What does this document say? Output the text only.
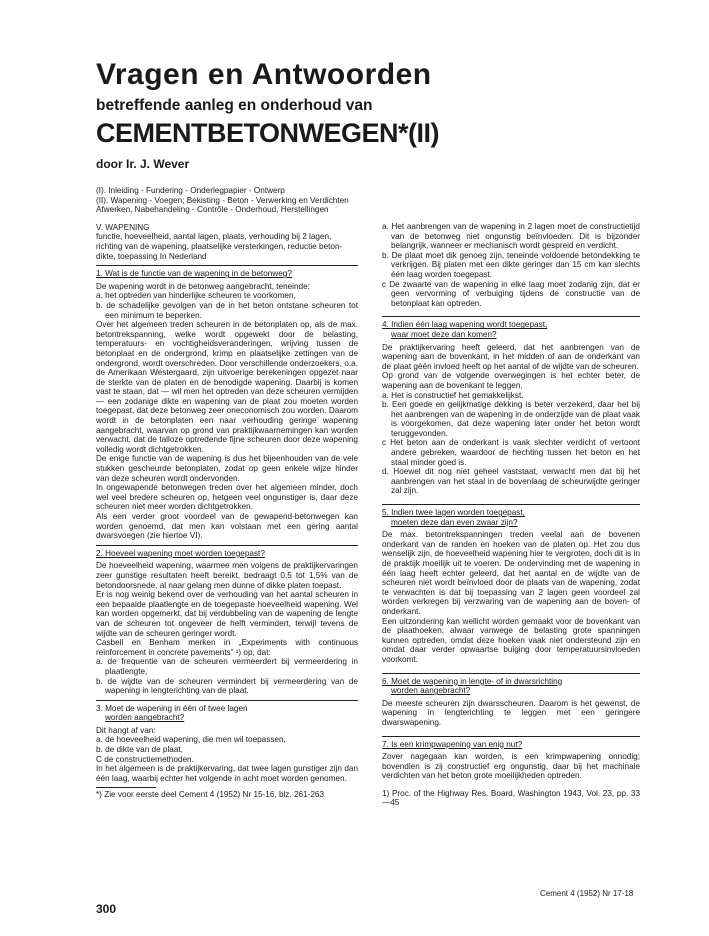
Vragen en Antwoorden
betreffende aanleg en onderhoud van
CEMENTBETONWEGEN*(II)
door Ir. J. Wever

(I). Inleiding - Fundering - Onderlegpapier - Ontwerp

(II). Wapening - Voegen; Bekisting - Beton - Verwerking en Verdichten

Afwerken, Nabehandeling - Contrôle - Onderhoud, Herstellingen

V. WAPENING

functie, hoeveelheid, aantal lagen, plaats, verhouding bij 2 lagen,

richting van de wapening, plaatselijke versterkingen, reductie beton-

dikte, toepassing In Nederland

1. Wat is de functie van de wapening in de betonweg?

De wapening wordt in de betonweg aangebracht, teneinde:

a. het optreden van hinderlijke scheuren te voorkomen,

b. de schadelijke gevolgen van de in het beton ontstane scheuren tot een minimum te beperken.

Over het algemeen treden scheuren in de betonplaten op, als de max. betontrekspanning, welke wordt opgewekt door de belasting, temperatuurs- en vochtigheidsveranderingen, wrijving tussen de betonplaat en de ondergrond, krimp en plaatselijke zettingen van de ondergrond, wordt overschreden. Door verschillende onderzoekers, o.a. de Amerikaan Westergaard, zijn uitvoerige berekeningen opgezet naar de sterkte van de platen en de benodigde wapening. Daarbij is komen vast te staan, dat — wil men het optreden van deze scheuren vermijden — een zodanige dikte en wapening van de plaat zou moeten worden toegepast, dat deze betonweg zeer oneconomisch zou worden. Daarom wordt in de betonplaten een naar verhouding geringe wapening aangebracht, waarvan op grond van praktijkwaarnemingen kan worden verwacht, dat de talloze optredende fijne scheuren door deze wapening volledig wordt dichtgetrokken.

De enige functie van de wapening is dus het bijeenhouden van de vele stukken gescheurde betonplaten, zodat op geen enkele wijze hinder van deze scheuren wordt ondervonden.

In ongewapende betonwegen treden over het algemeen minder, doch wel veel bredere scheuren op, hetgeen veel ongunstiger is, daar deze scheuren niet meer worden dichtgetrokken.

Als een verder groot voordeel van de gewapend-betonwegen kan worden genoemd, dat men kan volstaan met een gering aantal dwarsvoegen (zie hiertoe VI).

2. Hoeveel wapening moet worden toegepast?

De hoeveelheid wapening, waarmee men volgens de praktijkervaringen zeer gunstige resultaten heeft bereikt, bedraagt 0,5 tot 1,5% van de betondoorsnede, al naar gelang men dunne of dikke platen toepast.

Er is nog weinig bekend over de verhouding van het aantal scheuren in een bepaalde plaatlengte en de toegepaste hoeveelheid wapening. Wel kan worden opgemerkt, dat bij verdubbeling van de wapening de lengte van de scheuren tot ongeveer de helft vermindert, terwijl tevens de wijdte van de scheuren geringer wordt.

Casbell en Benham merken in „Experiments with continuous reinforcement in concrete pavements” ¹) op, dat:

a. de frequentie van de scheuren vermeerdert bij vermeerdering in plaatlengte,

b. de wijdte van de scheuren vermindert bij vermeerdering van de wapening in lengterichting van de plaat.

3. Moet de wapening in één of twee lagen

worden aangebracht?

Dit hangt af van:

a. de hoeveelheid wapening, die men wil toepassen,

b. de dikte van de plaat,

C de constructiemethoden.

In het algemeen is de praktijkervaring, dat twee lagen gunstiger zijn dan één laag, waarbij echter het volgende in acht moet worden genomen.

*) Zie voor eerste deel Cement 4 (1952) Nr 15-16, blz. 261-263

a. Het aanbrengen van de wapening in 2 lagen moet de constructietijd van de betonweg niet ongunstig beïnvloeden. Dit is bijzonder belangrijk, wanneer er mechanisch wordt gespreid en verdicht.

b. De plaat moet dik genoeg zijn, teneinde voldoende betondekking te verkrijgen. Bij platen met een dikte geringer dan 15 cm kan slechts één laag worden toegepast.

c De zwaarte van de wapening in elke laag moet zodanig zijn, dat er geen vervorming of verbuiging tijdens de constructie van de betonplaat kan optreden.

4. Indien één laag wapening wordt toegepast,

waar moet deze dan komen?

De praktijkervaring heeft geleerd, dat het aanbrengen van de wapening aan de bovenkant, in het midden of aan de onderkant van de plaat géén invloed heeft op het aantal of de wijdte van de scheuren.

Op grond van de volgende overwegingen is het echter beter, de wapening aan de bovenkant te leggen.

a. Het is constructief het gemakkelijkst.

b. Een goede en gelijkmatige dekking is beter verzekerd, daar het bij het aanbrengen van de wapening in de onderzijde van de plaat vaak is voorgekomen, dat deze wapening later onder het beton wordt teruggevonden.

c Het beton aan de onderkant is vaak slechter verdicht of vertoont andere gebreken, waardoor de hechting tussen het beton en het staal minder goed is.

d. Hoewel dit nog niet geheel vaststaat, verwacht men dat bij het aanbrengen van het staal in de bovenlaag de scheurwijdte geringer zal zijn.

5. Indien twee lagen worden toegepast,

moeten deze dan even zwaar zijn?

De max. betontrekspanningen treden veelal aan de bovenen onderkant van de randen en hoeken van de platen op. Het zou dus wenselijk zijn, de hoeveelheid wapening hier te vergroten, doch dit is in de praktijk moeilijk uit te voeren. De ondervinding met de wapening in één laag heeft echter geleerd, dat het aantal en de wijdte van de scheuren niet wordt beïnvloed door de plaats van de wapening, zodat te verwachten is dat bij toepassing van 2 lagen geen voordeel zal worden verkregen bij verzwaring van de wapening aan de boven- of onderkant.

Een uitzondering kan wellicht worden gemaakt voor de bovenkant van de plaathoeken, alwaar vanwege de belasting grote spanningen kunnen optreden, omdat deze hoeken vaak niet ondersteund zijn en omdat daar verder opwaartse buiging door temperatuursinvloeden voorkomt.

6. Moet de wapening in lengte- of in dwarsrichting

worden aangebracht?

De meeste scheuren zijn dwarsscheuren. Daarom is het gewenst, de wapening in lengterichting te leggen met een geringere dwarswapening.

7. Is een krimpwapening van enig nut?

Zover nagegaan kan worden, is een krimpwapening onnodig; bovendien is zij constructief erg ongunstig, daar bij het machinale verdichten van het beton grote moeilijkheden optreden.

1) Proc. of the Highway Res. Board, Washington 1943, Vol. 23, pp. 33—45

Cement 4 (1952) Nr 17-18
300
